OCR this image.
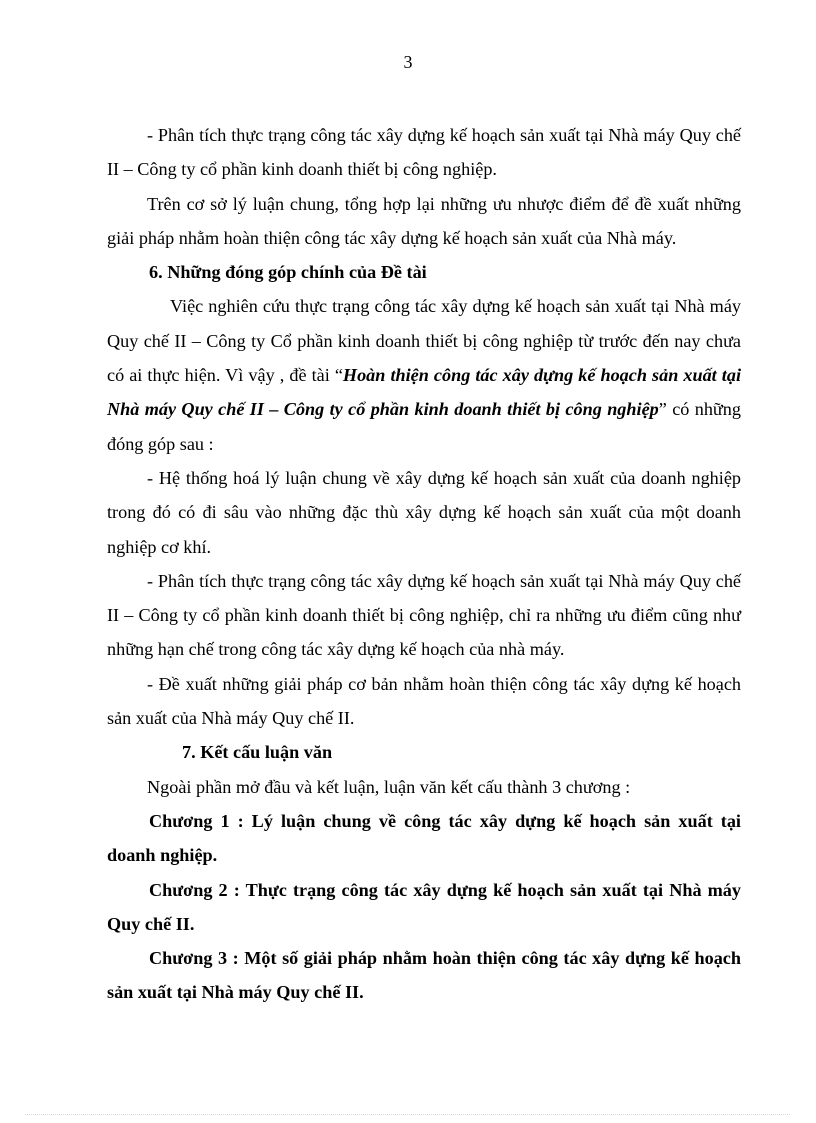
3

- Phân tích thực trạng công tác xây dựng kế hoạch sản xuất tại Nhà máy Quy chế II – Công ty cổ phần kinh doanh thiết bị công nghiệp.

Trên cơ sở lý luận chung, tổng hợp lại những ưu nhược điểm để đề xuất những giải pháp nhằm hoàn thiện công tác xây dựng kế hoạch sản xuất của Nhà máy.

6. Những đóng góp chính của Đề tài

Việc nghiên cứu thực trạng công tác xây dựng kế hoạch sản xuất tại Nhà máy Quy chế II – Công ty Cổ phần kinh doanh thiết bị công nghiệp từ trước đến nay chưa có ai thực hiện. Vì vậy , đề tài “Hoàn thiện công tác xây dựng kế hoạch sản xuất tại Nhà máy Quy chế II – Công ty cổ phần kinh doanh thiết bị công nghiệp” có những đóng góp sau :

- Hệ thống hoá lý luận chung về xây dựng kế hoạch sản xuất của doanh nghiệp trong đó có đi sâu vào những đặc thù xây dựng kế hoạch sản xuất của một doanh nghiệp cơ khí.

- Phân tích thực trạng công tác xây dựng kế hoạch sản xuất tại Nhà máy Quy chế II – Công ty cổ phần kinh doanh thiết bị công nghiệp, chỉ ra những ưu điểm cũng như những hạn chế trong công tác xây dựng kế hoạch của nhà máy.

- Đề xuất những giải pháp cơ bản nhằm hoàn thiện công tác xây dựng kế hoạch sản xuất của Nhà máy Quy chế II.

7. Kết cấu luận văn

Ngoài phần mở đầu và kết luận, luận văn kết cấu thành 3 chương :

Chương 1 : Lý luận chung về công tác xây dựng kế hoạch sản xuất tại doanh nghiệp.

Chương 2 : Thực trạng công tác xây dựng kế hoạch sản xuất tại Nhà máy Quy chế II.

Chương 3 : Một số giải pháp nhằm hoàn thiện công tác xây dựng kế hoạch sản xuất tại Nhà máy Quy chế II.
